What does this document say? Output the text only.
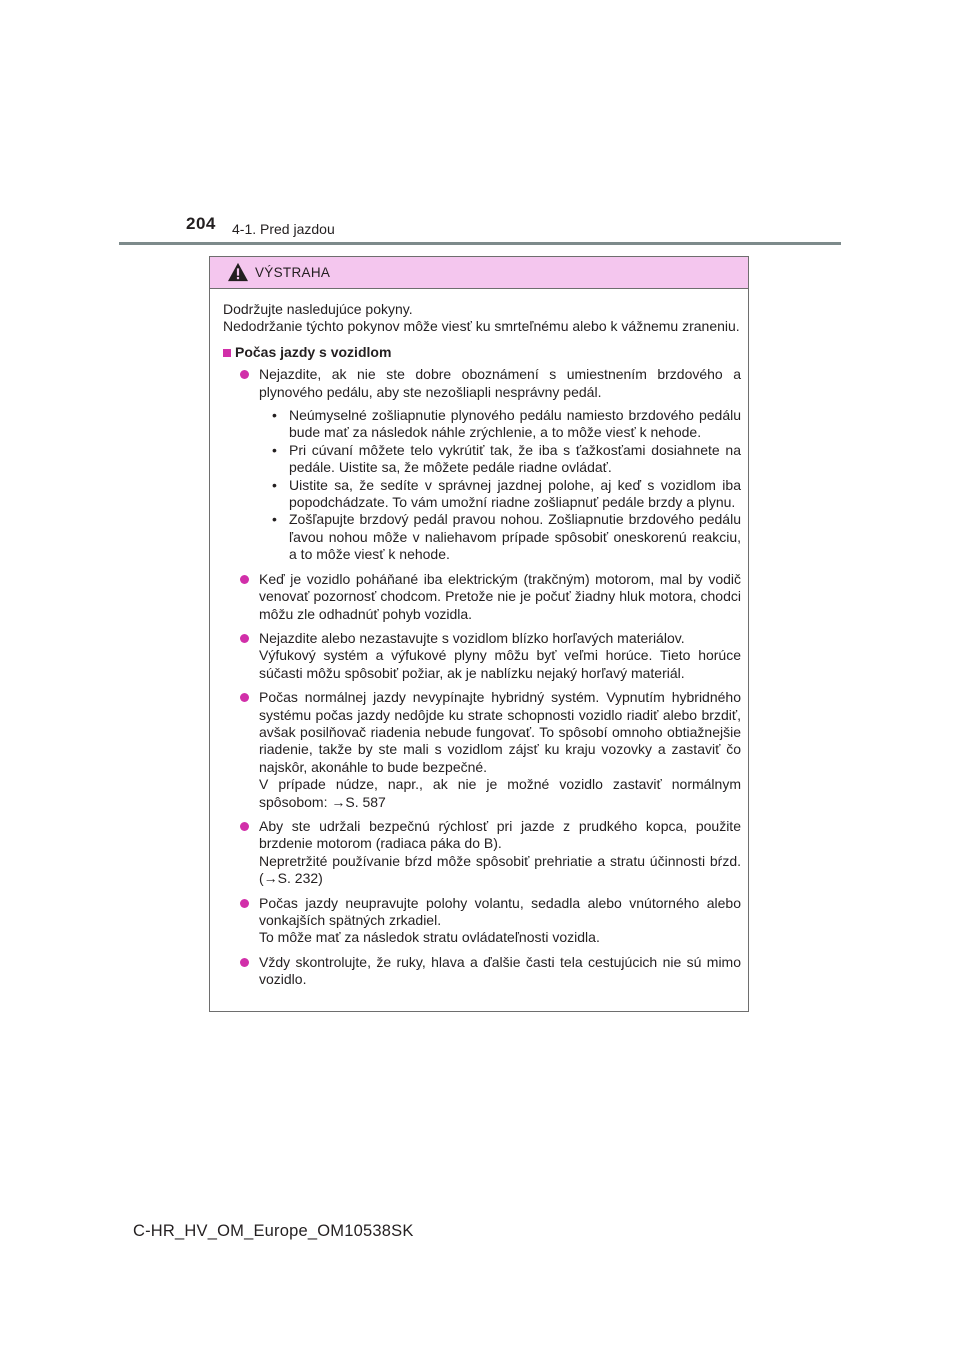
204 4-1. Pred jazdou
VÝSTRAHA

Dodržujte nasledujúce pokyny.
Nedodržanie týchto pokynov môže viesť ku smrteľnému alebo k vážnemu zraneniu.

Počas jazdy s vozidlom

Nejazdite, ak nie ste dobre oboznámení s umiestnením brzdového a plynového pedálu, aby ste nezošliapli nesprávny pedál.

• Neúmyselné zošliapnutie plynového pedálu namiesto brzdového pedálu bude mať za následok náhle zrýchlenie, a to môže viesť k nehode.
• Pri cúvaní môžete telo vykrútiť tak, že iba s ťažkosťami dosiahnete na pedále. Uistite sa, že môžete pedále riadne ovládať.
• Uistite sa, že sedíte v správnej jazdnej polohe, aj keď s vozidlom iba popodchádzate. To vám umožní riadne zošliapnuť pedále brzdy a plynu.
• Zošľapujte brzdový pedál pravou nohou. Zošliapnutie brzdového pedálu ľavou nohou môže v naliehavom prípade spôsobiť oneskorenú reakciu, a to môže viesť k nehode.

Keď je vozidlo poháňané iba elektrickým (trakčným) motorom, mal by vodič venovať pozornosť chodcom. Pretože nie je počuť žiadny hluk motora, chodci môžu zle odhadnúť pohyb vozidla.

Nejazdite alebo nezastavujte s vozidlom blízko horľavých materiálov.

Výfukový systém a výfukové plyny môžu byť veľmi horúce. Tieto horúce súčasti môžu spôsobiť požiar, ak je nablízku nejaký horľavý materiál.

Počas normálnej jazdy nevypínajte hybridný systém. Vypnutím hybridného systému počas jazdy nedôjde ku strate schopnosti vozidlo riadiť alebo brzdiť, avšak posilňovač riadenia nebude fungovať. To spôsobí omnoho obtiažnejšie riadenie, takže by ste mali s vozidlom zájsť ku kraju vozovky a zastaviť čo najskôr, akonáhle to bude bezpečné.

V prípade núdze, napr., ak nie je možné vozidlo zastaviť normálnym spôsobom: →S. 587

Aby ste udržali bezpečnú rýchlosť pri jazde z prudkého kopca, použite brzdenie motorom (radiaca páka do B).

Nepretržité používanie bŕzd môže spôsobiť prehriatie a stratu účinnosti bŕzd. (→S. 232)

Počas jazdy neupravujte polohy volantu, sedadla alebo vnútorného alebo vonkajších spätných zrkadiel.

To môže mať za následok stratu ovládateľnosti vozidla.

Vždy skontrolujte, že ruky, hlava a ďalšie časti tela cestujúcich nie sú mimo vozidlo.

C-HR_HV_OM_Europe_OM10538SK
